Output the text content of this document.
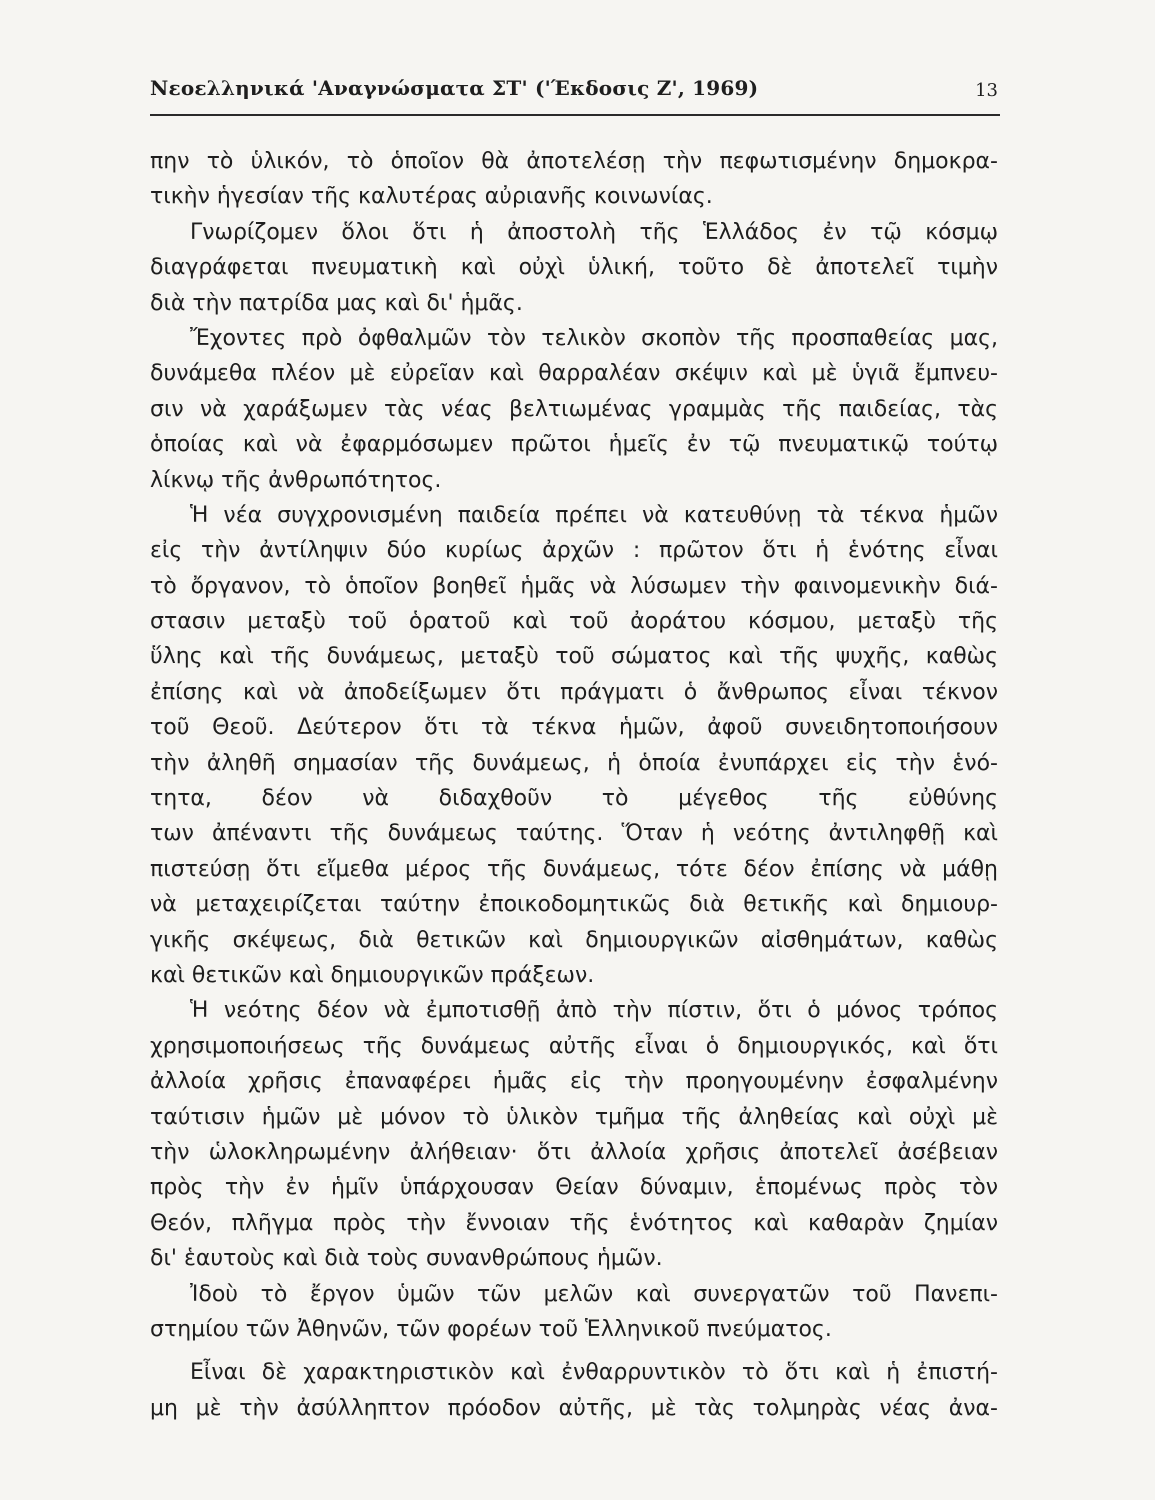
Νεοελληνικά 'Αναγνώσματα ΣΤ' ('Έκδοσις Ζ', 1969)	13
πην τὸ ὑλικόν, τὸ ὁποῖον θὰ ἀποτελέσῃ τὴν πεφωτισμένην δημοκρα-
τικὴν ἡγεσίαν τῆς καλυτέρας αὐριανῆς κοινωνίας.
Γνωρίζομεν ὅλοι ὅτι ἡ ἀποστολὴ τῆς Ἑλλάδος ἐν τῷ κόσμῳ
διαγράφεται πνευματικὴ καὶ οὐχὶ ὑλική, τοῦτο δὲ ἀποτελεῖ τιμὴν
διὰ τὴν πατρίδα μας καὶ δι' ἡμᾶς.
Ἔχοντες πρὸ ὀφθαλμῶν τὸν τελικὸν σκοπὸν τῆς προσπαθείας μας,
δυνάμεθα πλέον μὲ εὐρεῖαν καὶ θαρραλέαν σκέψιν καὶ μὲ ὑγιᾶ ἔμπνευ-
σιν νὰ χαράξωμεν τὰς νέας βελτιωμένας γραμμὰς τῆς παιδείας, τὰς
ὁποίας καὶ νὰ ἐφαρμόσωμεν πρῶτοι ἡμεῖς ἐν τῷ πνευματικῷ τούτῳ
λίκνῳ τῆς ἀνθρωπότητος.
Ἡ νέα συγχρονισμένη παιδεία πρέπει νὰ κατευθύνῃ τὰ τέκνα ἡμῶν
εἰς τὴν ἀντίληψιν δύο κυρίως ἀρχῶν : πρῶτον ὅτι ἡ ἑνότης εἶναι
τὸ ὄργανον, τὸ ὁποῖον βοηθεῖ ἡμᾶς νὰ λύσωμεν τὴν φαινομενικὴν διά-
στασιν μεταξὺ τοῦ ὁρατοῦ καὶ τοῦ ἀοράτου κόσμου, μεταξὺ τῆς
ὕλης καὶ τῆς δυνάμεως, μεταξὺ τοῦ σώματος καὶ τῆς ψυχῆς, καθὼς
ἐπίσης καὶ νὰ ἀποδείξωμεν ὅτι πράγματι ὁ ἄνθρωπος εἶναι τέκνον
τοῦ Θεοῦ. Δεύτερον ὅτι τὰ τέκνα ἡμῶν, ἀφοῦ συνειδητοποιήσουν
τὴν ἀληθῆ σημασίαν τῆς δυνάμεως, ἡ ὁποία ἐνυπάρχει εἰς τὴν ἑνό-
τητα, δέον νὰ διδαχθοῦν τὸ μέγεθος τῆς εὐθύνης
των ἀπέναντι τῆς δυνάμεως ταύτης. Ὅταν ἡ νεότης ἀντιληφθῇ καὶ
πιστεύσῃ ὅτι εἴμεθα μέρος τῆς δυνάμεως, τότε δέον ἐπίσης νὰ μάθῃ
νὰ μεταχειρίζεται ταύτην ἐποικοδομητικῶς διὰ θετικῆς καὶ δημιουρ-
γικῆς σκέψεως, διὰ θετικῶν καὶ δημιουργικῶν αἰσθημάτων, καθὼς
καὶ θετικῶν καὶ δημιουργικῶν πράξεων.
Ἡ νεότης δέον νὰ ἐμποτισθῇ ἀπὸ τὴν πίστιν, ὅτι ὁ μόνος τρόπος
χρησιμοποιήσεως τῆς δυνάμεως αὐτῆς εἶναι ὁ δημιουργικός, καὶ ὅτι
ἀλλοία χρῆσις ἐπαναφέρει ἡμᾶς εἰς τὴν προηγουμένην ἐσφαλμένην
ταύτισιν ἡμῶν μὲ μόνον τὸ ὑλικὸν τμῆμα τῆς ἀληθείας καὶ οὐχὶ μὲ
τὴν ὡλοκληρωμένην ἀλήθειαν· ὅτι ἀλλοία χρῆσις ἀποτελεῖ ἀσέβειαν
πρὸς τὴν ἐν ἡμῖν ὑπάρχουσαν Θείαν δύναμιν, ἑπομένως πρὸς τὸν
Θεόν, πλῆγμα πρὸς τὴν ἔννοιαν τῆς ἑνότητος καὶ καθαρὰν ζημίαν
δι' ἑαυτοὺς καὶ διὰ τοὺς συνανθρώπους ἡμῶν.
Ἰδοὺ τὸ ἔργον ὑμῶν τῶν μελῶν καὶ συνεργατῶν τοῦ Πανεπι-
στημίου τῶν Ἀθηνῶν, τῶν φορέων τοῦ Ἑλληνικοῦ πνεύματος.
Εἶναι δὲ χαρακτηριστικὸν καὶ ἐνθαρρυντικὸν τὸ ὅτι καὶ ἡ ἐπιστή-
μη μὲ τὴν ἀσύλληπτον πρόοδον αὐτῆς, μὲ τὰς τολμηρὰς νέας ἀνα-
